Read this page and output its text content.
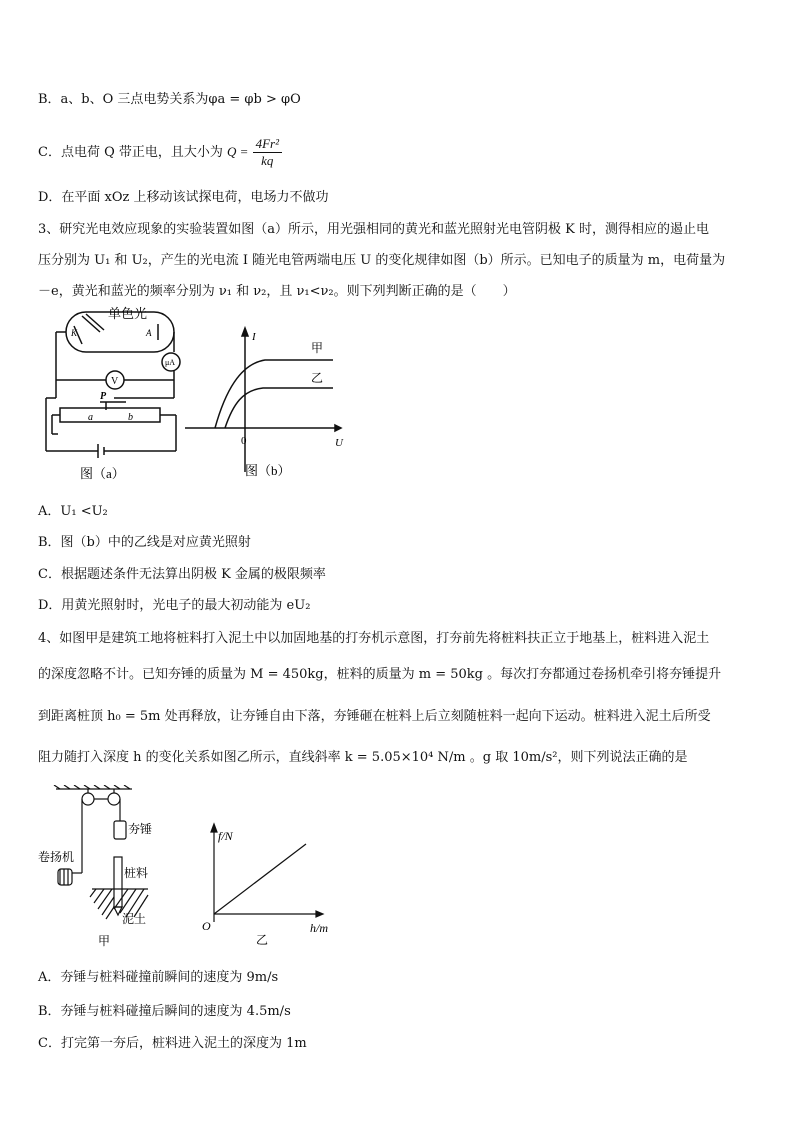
B．a、b、O 三点电势关系为φa = φb > φO
C．点电荷 Q 带正电，且大小为 $Q = \frac{\text{4Fr²}}{kq}$
D．在平面 xOz 上移动该试探电荷，电场力不做功
3、研究光电效应现象的实验装置如图（a）所示，用光强相同的黄光和蓝光照射光电管阴极 K 时，测得相应的遏止电
压分别为 U₁ 和 U₂，产生的光电流 I 随光电管两端电压 U 的变化规律如图（b）所示。已知电子的质量为 m，电荷量为
－e，黄光和蓝光的频率分别为 ν₁ 和 ν₂，且 ν₁<ν₂。则下列判断正确的是（　　）
单色光
K	A
μA
V
P
a	b
图（a）
I
U
0
甲
乙
图（b）
A．U₁ <U₂
B．图（b）中的乙线是对应黄光照射
C．根据题述条件无法算出阴极 K 金属的极限频率
D．用黄光照射时，光电子的最大初动能为 eU₂
4、如图甲是建筑工地将桩料打入泥土中以加固地基的打夯机示意图，打夯前先将桩料扶正立于地基上，桩料进入泥土
的深度忽略不计。已知夯锤的质量为 M = 450kg，桩料的质量为 m = 50kg 。每次打夯都通过卷扬机牵引将夯锤提升
到距离桩顶 h₀ = 5m 处再释放，让夯锤自由下落，夯锤砸在桩料上后立刻随桩料一起向下运动。桩料进入泥土后所受
阻力随打入深度 h 的变化关系如图乙所示，直线斜率 k = 5.05×10⁴ N/m 。g 取 10m/s²，则下列说法正确的是
夯锤
卷扬机
桩料
泥土
甲
f/N
h/m
O
乙
A．夯锤与桩料碰撞前瞬间的速度为 9m/s
B．夯锤与桩料碰撞后瞬间的速度为 4.5m/s
C．打完第一夯后，桩料进入泥土的深度为 1m
